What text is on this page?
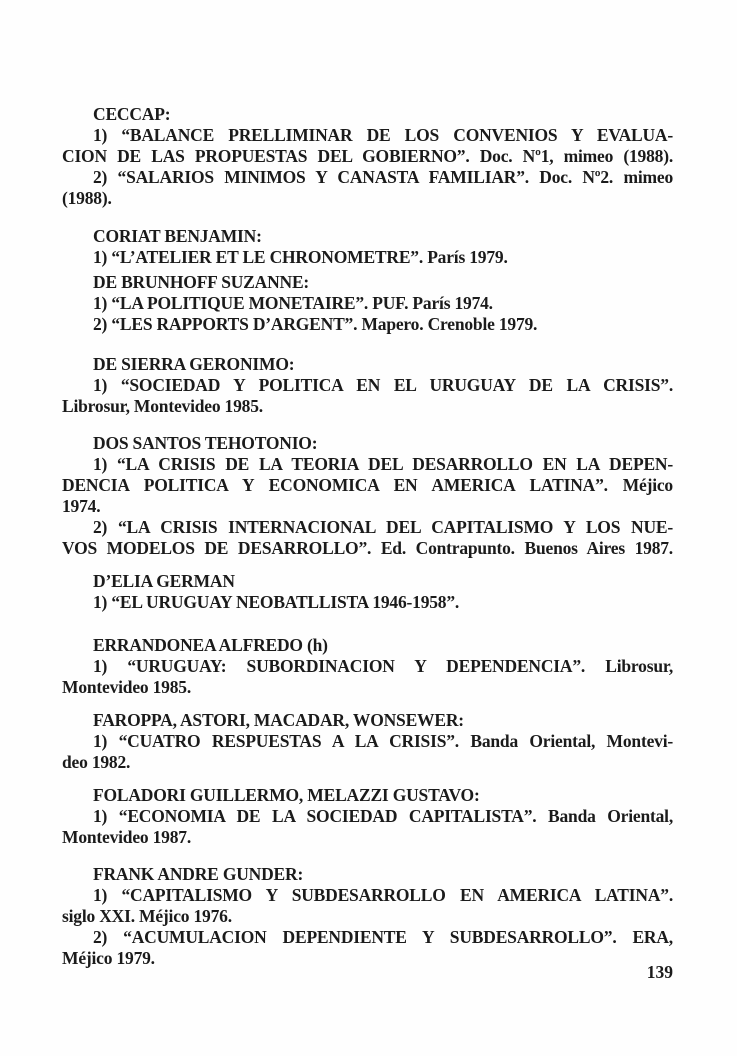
CECCAP:
1) “BALANCE PRELLIMINAR DE LOS CONVENIOS Y EVALUA-
CION DE LAS PROPUESTAS DEL GOBIERNO”. Doc. Nº1, mimeo (1988).
2) “SALARIOS MINIMOS Y CANASTA FAMILIAR”. Doc. Nº2. mimeo
(1988).
CORIAT BENJAMIN:
1) “L’ATELIER ET LE CHRONOMETRE”. París 1979.
DE BRUNHOFF SUZANNE:
1) “LA POLITIQUE MONETAIRE”. PUF. París 1974.
2) “LES RAPPORTS D’ARGENT”. Mapero. Crenoble 1979.
DE SIERRA GERONIMO:
1) “SOCIEDAD Y POLITICA EN EL URUGUAY DE LA CRISIS”.
Librosur, Montevideo 1985.
DOS SANTOS TEHOTONIO:
1) “LA CRISIS DE LA TEORIA DEL DESARROLLO EN LA DEPEN-
DENCIA POLITICA Y ECONOMICA EN AMERICA LATINA”. Méjico
1974.
2) “LA CRISIS INTERNACIONAL DEL CAPITALISMO Y LOS NUE-
VOS MODELOS DE DESARROLLO”. Ed. Contrapunto. Buenos Aires 1987.
D’ELIA GERMAN
1) “EL URUGUAY NEOBATLLISTA 1946-1958”.
ERRANDONEA ALFREDO (h)
1) “URUGUAY: SUBORDINACION Y DEPENDENCIA”. Librosur,
Montevideo 1985.
FAROPPA, ASTORI, MACADAR, WONSEWER:
1) “CUATRO RESPUESTAS A LA CRISIS”. Banda Oriental, Montevi-
deo 1982.
FOLADORI GUILLERMO, MELAZZI GUSTAVO:
1) “ECONOMIA DE LA SOCIEDAD CAPITALISTA”. Banda Oriental,
Montevideo 1987.
FRANK ANDRE GUNDER:
1) “CAPITALISMO Y SUBDESARROLLO EN AMERICA LATINA”.
siglo XXI. Méjico 1976.
2) “ACUMULACION DEPENDIENTE Y SUBDESARROLLO”. ERA,
Méjico 1979.
139
